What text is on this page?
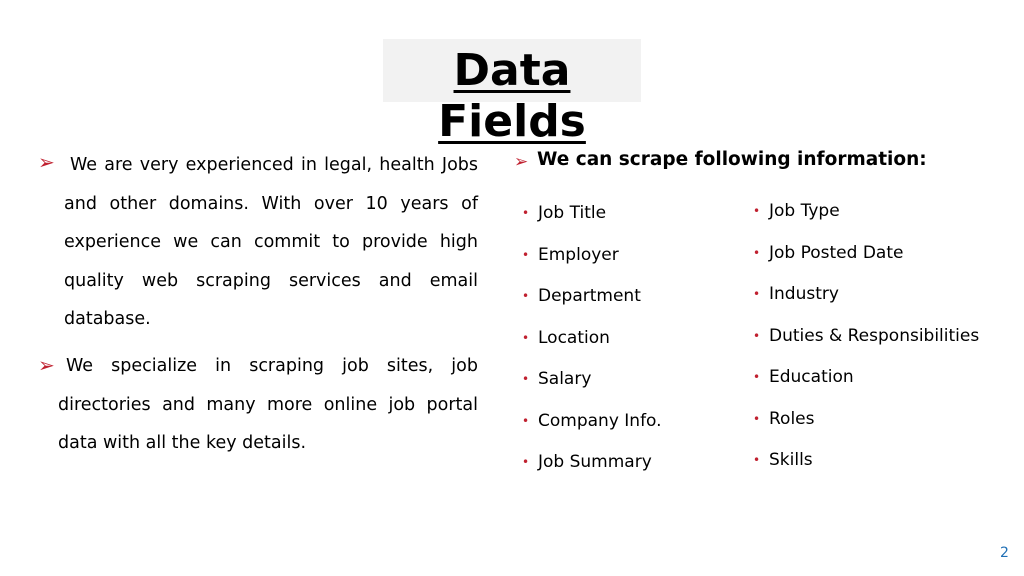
Data Fields
➢ We are very experienced in legal, health Jobs and other domains. With over 10 years of experience we can commit to provide high quality web scraping services and email database.
➢ We specialize in scraping job sites, job directories and many more online job portal data with all the key details.
➢ We can scrape following information:
• Job Title
• Employer
• Department
• Location
• Salary
• Company Info.
• Job Summary
• Job Type
• Job Posted Date
• Industry
• Duties & Responsibilities
• Education
• Roles
• Skills
2
